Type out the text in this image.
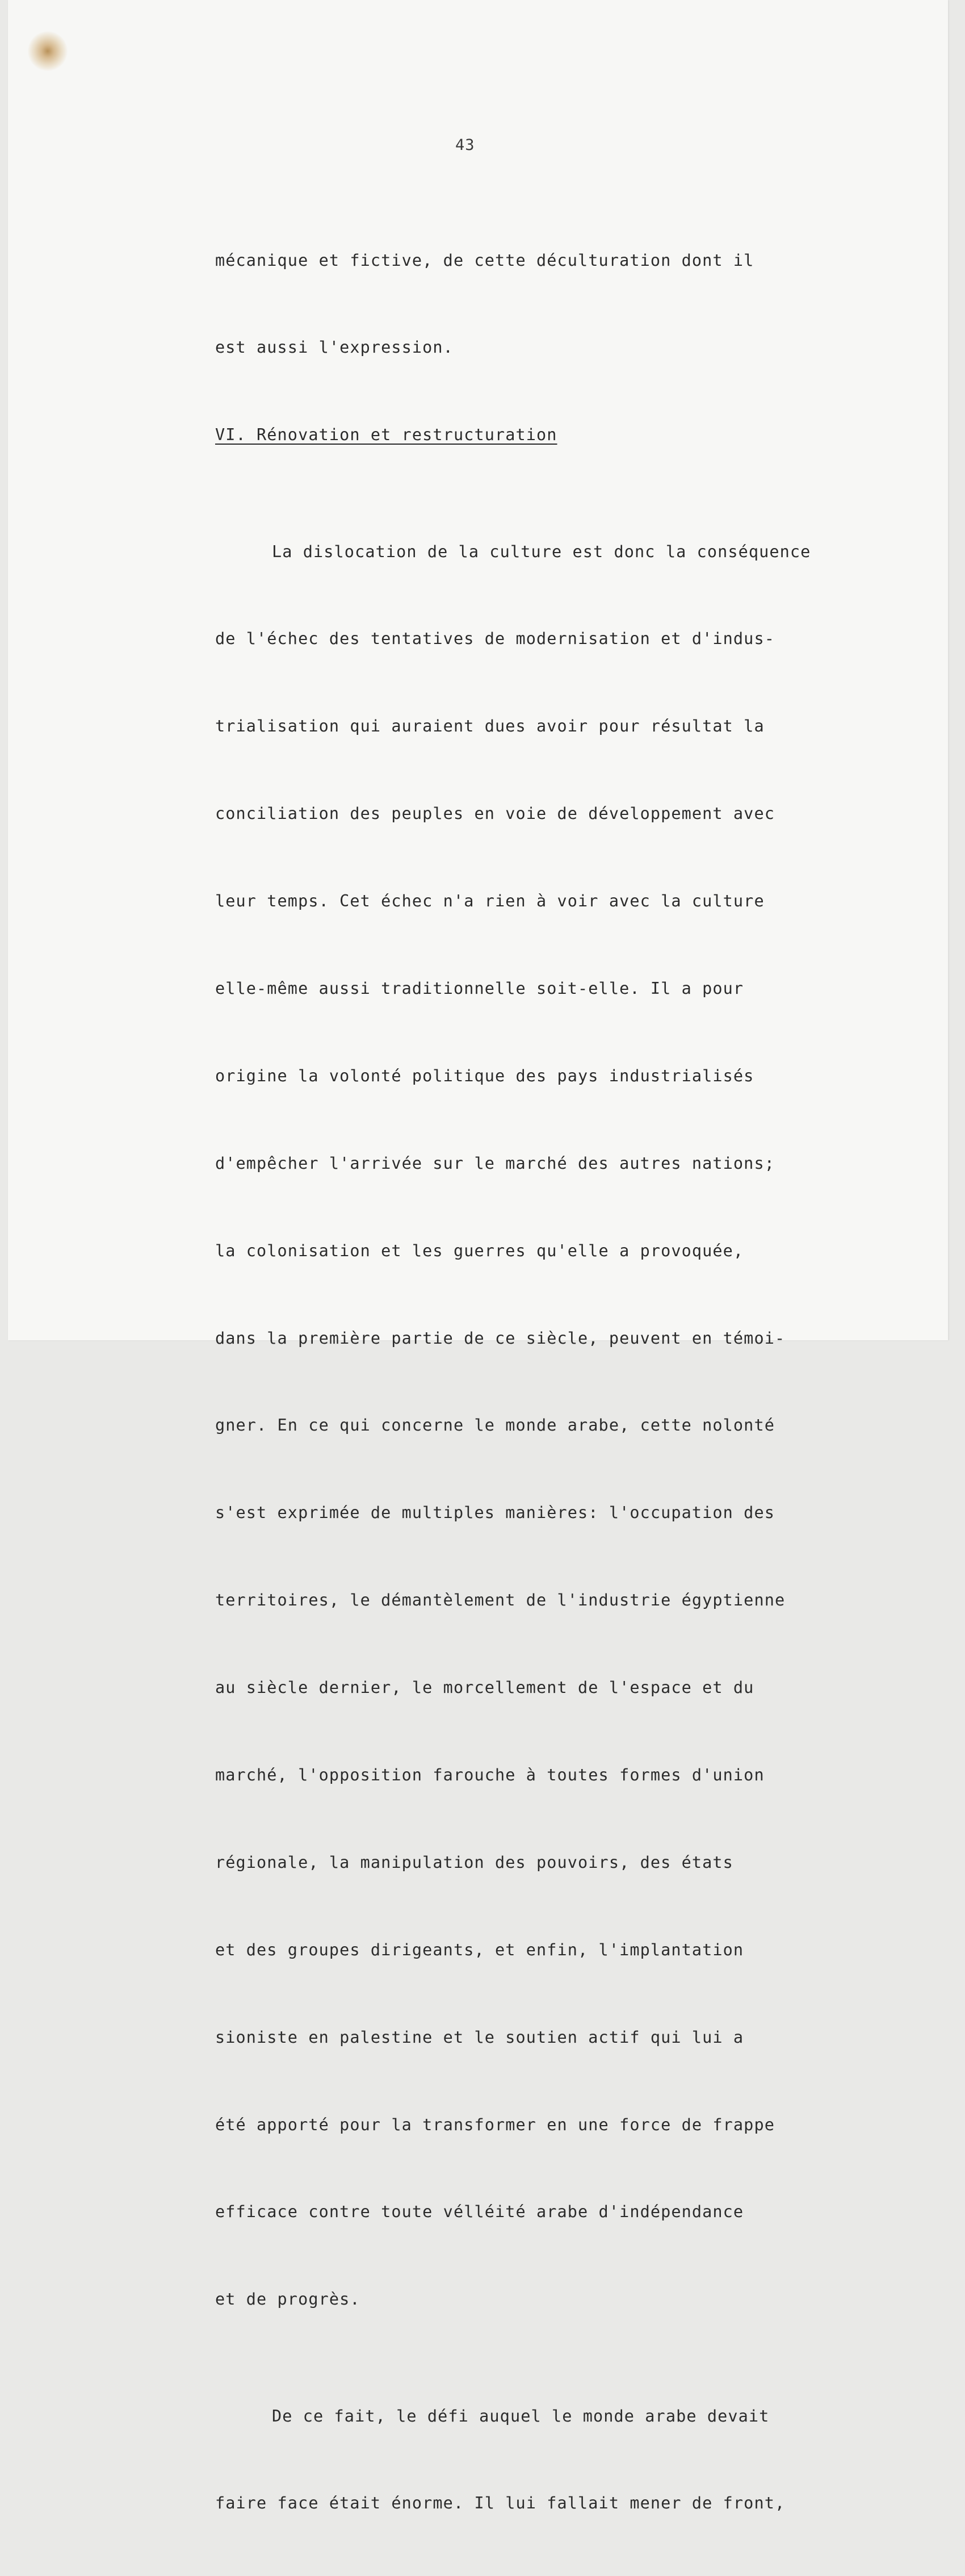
43

mécanique et fictive, de cette déculturation dont il

est aussi l'expression.

VI. Rénovation et restructuration

La dislocation de la culture est donc la conséquence

de l'échec des tentatives de modernisation et d'indus-

trialisation qui auraient dues avoir pour résultat la

conciliation des peuples en voie de développement avec

leur temps. Cet échec n'a rien à voir avec la culture

elle-même aussi traditionnelle soit-elle. Il a pour

origine la volonté politique des pays industrialisés

d'empêcher l'arrivée sur le marché des autres nations;

la colonisation et les guerres qu'elle a provoquée,

dans la première partie de ce siècle, peuvent en témoi-

gner. En ce qui concerne le monde arabe, cette nolonté

s'est exprimée de multiples manières: l'occupation des

territoires, le démantèlement de l'industrie égyptienne

au siècle dernier, le morcellement de l'espace et du

marché, l'opposition farouche à toutes formes d'union

régionale, la manipulation des pouvoirs, des états

et des groupes dirigeants, et enfin, l'implantation

sioniste en palestine et le soutien actif qui lui a

été apporté pour la transformer en une force de frappe

efficace contre toute vélléité arabe d'indépendance

et de progrès.

De ce fait, le défi auquel le monde arabe devait

faire face était énorme. Il lui fallait mener de front,
